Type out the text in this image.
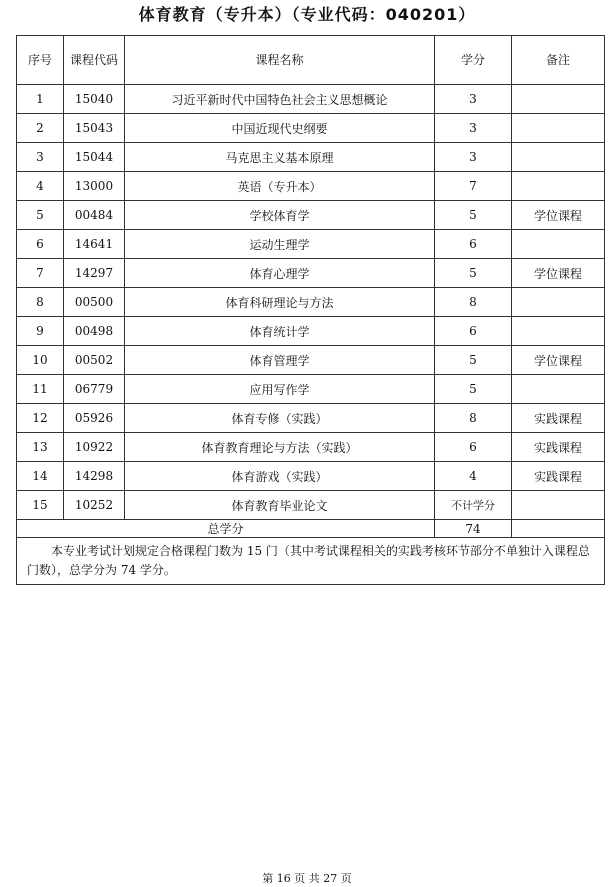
体育教育（专升本）（专业代码：040201）
序号	课程代码	课程名称	学分	备注
1	15040	习近平新时代中国特色社会主义思想概论	3	
2	15043	中国近现代史纲要	3	
3	15044	马克思主义基本原理	3	
4	13000	英语（专升本）	7	
5	00484	学校体育学	5	学位课程
6	14641	运动生理学	6	
7	14297	体育心理学	5	学位课程
8	00500	体育科研理论与方法	8	
9	00498	体育统计学	6	
10	00502	体育管理学	5	学位课程
11	06779	应用写作学	5	
12	05926	体育专修（实践）	8	实践课程
13	10922	体育教育理论与方法（实践）	6	实践课程
14	14298	体育游戏（实践）	4	实践课程
15	10252	体育教育毕业论文	不计学分	
总学分			74	
本专业考试计划规定合格课程门数为 15 门（其中考试课程相关的实践考核环节部分不单独计入课程总门数），总学分为 74 学分。				
第 16 页 共 27 页
